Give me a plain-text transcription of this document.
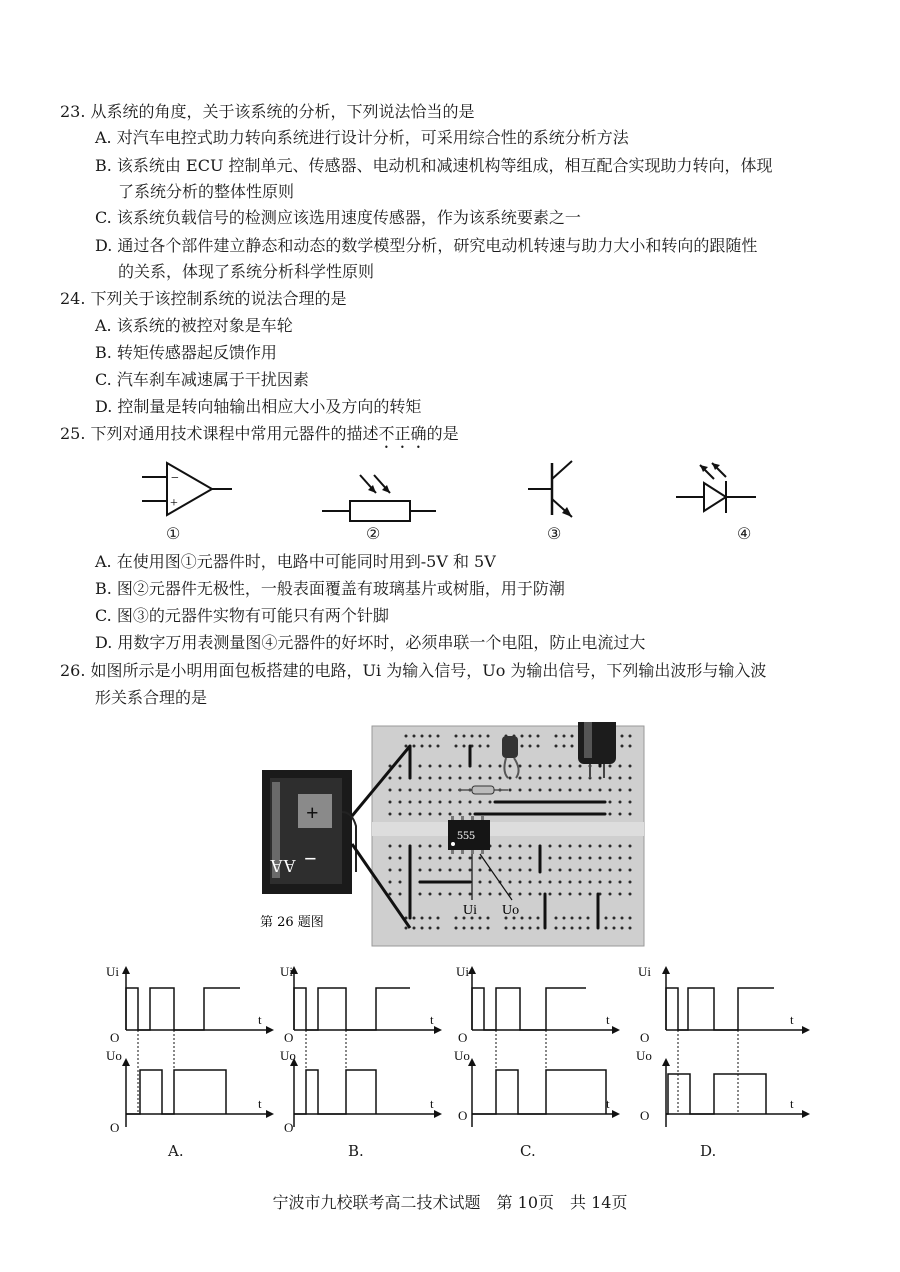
23. 从系统的角度，关于该系统的分析，下列说法恰当的是
A. 对汽车电控式助力转向系统进行设计分析，可采用综合性的系统分析方法
B. 该系统由 ECU 控制单元、传感器、电动机和减速机构等组成，相互配合实现助力转向，体现
了系统分析的整体性原则
C. 该系统负载信号的检测应该选用速度传感器，作为该系统要素之一
D. 通过各个部件建立静态和动态的数学模型分析，研究电动机转速与助力大小和转向的跟随性
的关系，体现了系统分析科学性原则
24. 下列关于该控制系统的说法合理的是
A. 该系统的被控对象是车轮
B. 转矩传感器起反馈作用
C. 汽车刹车减速属于干扰因素
D. 控制量是转向轴输出相应大小及方向的转矩
25. 下列对通用技术课程中常用元器件的描述不正确的是
−
+
①	②	③	④
A. 在使用图①元器件时，电路中可能同时用到-5V 和 5V
B. 图②元器件无极性，一般表面覆盖有玻璃基片或树脂，用于防潮
C. 图③的元器件实物有可能只有两个针脚
D. 用数字万用表测量图④元器件的好坏时，必须串联一个电阻，防止电流过大
26. 如图所示是小明用面包板搭建的电路，Ui 为输入信号，Uo 为输出信号，下列输出波形与输入波
形关系合理的是
555
Ui Uo
+
−
AA
第 26 题图
Ui
O
t
Uo
O
t
Ui
O
t
Uo
O
t
Ui
O
t
Uo
O
t
Ui
O
t
Uo
O
t
A.	B.	C.	D.
宁波市九校联考高二技术试题　第 10页　共 14页
